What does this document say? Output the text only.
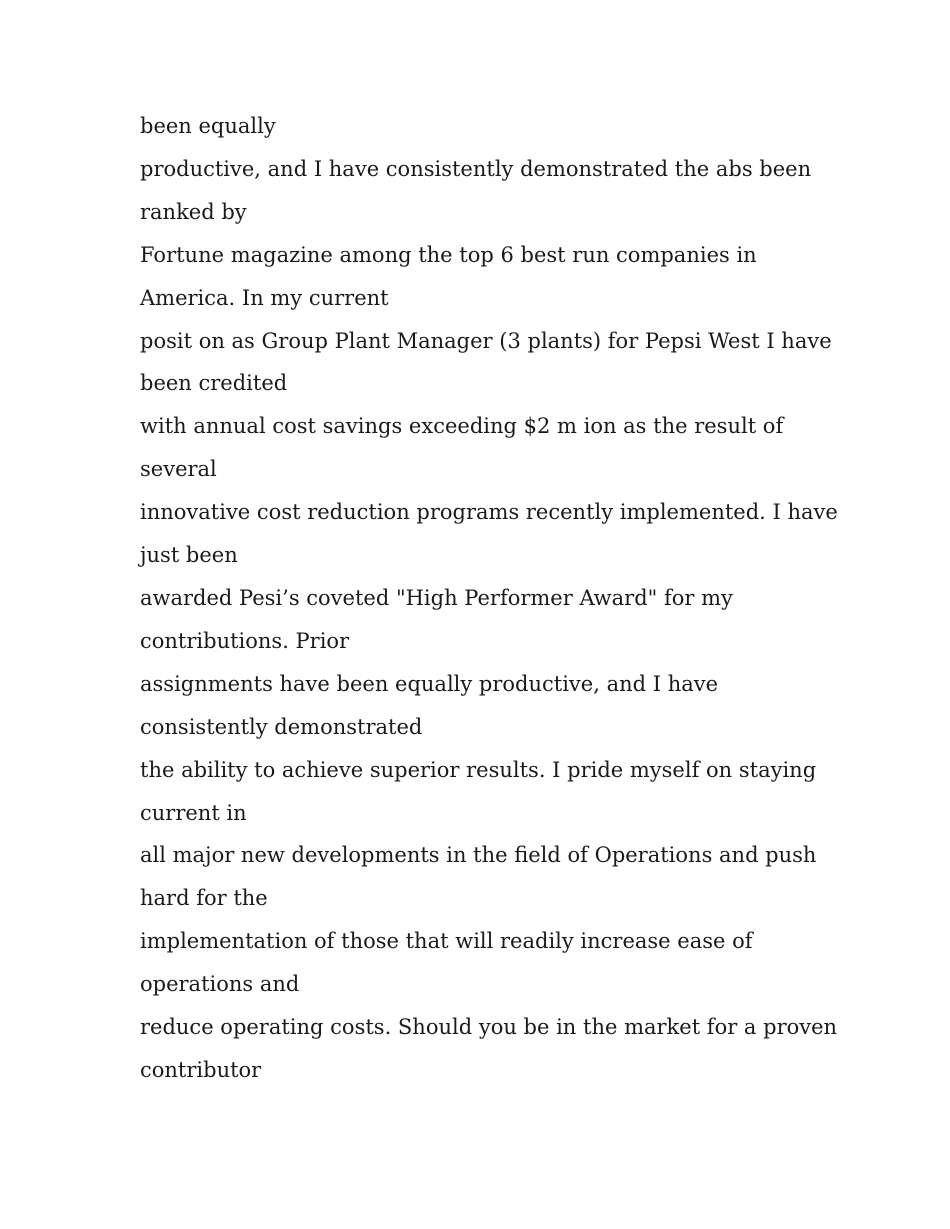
been equally
productive, and I have consistently demonstrated the abs been
ranked by
Fortune magazine among the top 6 best run companies in
America. In my current
posit on as Group Plant Manager (3 plants) for Pepsi West I have
been credited
with annual cost savings exceeding $2 m ion as the result of
several
innovative cost reduction programs recently implemented. I have
just been
awarded Pesi’s coveted "High Performer Award" for my
contributions. Prior
assignments have been equally productive, and I have
consistently demonstrated
the ability to achieve superior results. I pride myself on staying
current in
all major new developments in the field of Operations and push
hard for the
implementation of those that will readily increase ease of
operations and
reduce operating costs. Should you be in the market for a proven
contributor
